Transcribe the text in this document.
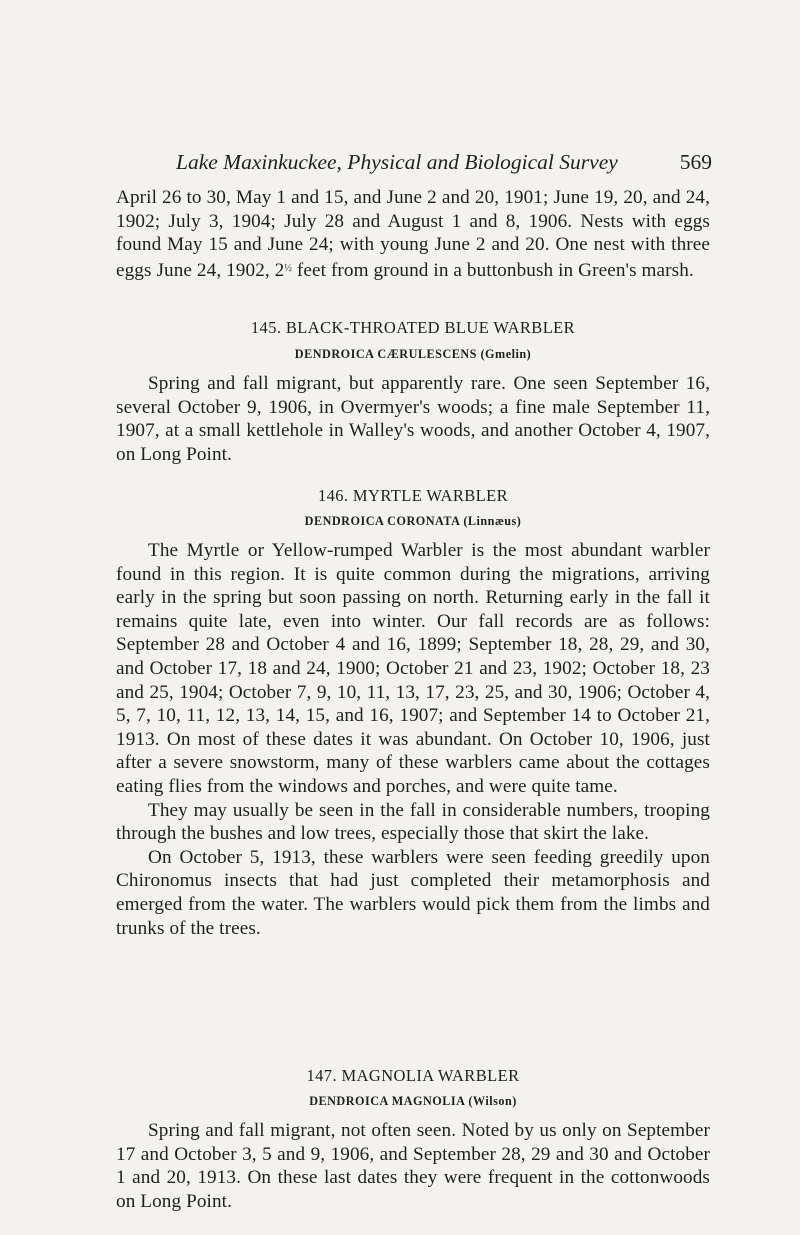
Lake Maxinkuckee, Physical and Biological Survey	569

April 26 to 30, May 1 and 15, and June 2 and 20, 1901; June 19, 20, and 24, 1902; July 3, 1904; July 28 and August 1 and 8, 1906. Nests with eggs found May 15 and June 24; with young June 2 and 20. One nest with three eggs June 24, 1902, $2^{\frac{1}{2}}$ feet from ground in a buttonbush in Green's marsh.

145. BLACK-THROATED BLUE WARBLER
DENDROICA CÆRULESCENS (Gmelin)

Spring and fall migrant, but apparently rare. One seen September 16, several October 9, 1906, in Overmyer's woods; a fine male September 11, 1907, at a small kettlehole in Walley's woods, and another October 4, 1907, on Long Point.

146. MYRTLE WARBLER
DENDROICA CORONATA (Linnæus)

The Myrtle or Yellow-rumped Warbler is the most abundant warbler found in this region. It is quite common during the migrations, arriving early in the spring but soon passing on north. Returning early in the fall it remains quite late, even into winter. Our fall records are as follows: September 28 and October 4 and 16, 1899; September 18, 28, 29, and 30, and October 17, 18 and 24, 1900; October 21 and 23, 1902; October 18, 23 and 25, 1904; October 7, 9, 10, 11, 13, 17, 23, 25, and 30, 1906; October 4, 5, 7, 10, 11, 12, 13, 14, 15, and 16, 1907; and September 14 to October 21, 1913. On most of these dates it was abundant. On October 10, 1906, just after a severe snowstorm, many of these warblers came about the cottages eating flies from the windows and porches, and were quite tame.

They may usually be seen in the fall in considerable numbers, trooping through the bushes and low trees, especially those that skirt the lake.

On October 5, 1913, these warblers were seen feeding greedily upon Chironomus insects that had just completed their metamorphosis and emerged from the water. The warblers would pick them from the limbs and trunks of the trees.

147. MAGNOLIA WARBLER
DENDROICA MAGNOLIA (Wilson)

Spring and fall migrant, not often seen. Noted by us only on September 17 and October 3, 5 and 9, 1906, and September 28, 29 and 30 and October 1 and 20, 1913. On these last dates they were frequent in the cottonwoods on Long Point.
